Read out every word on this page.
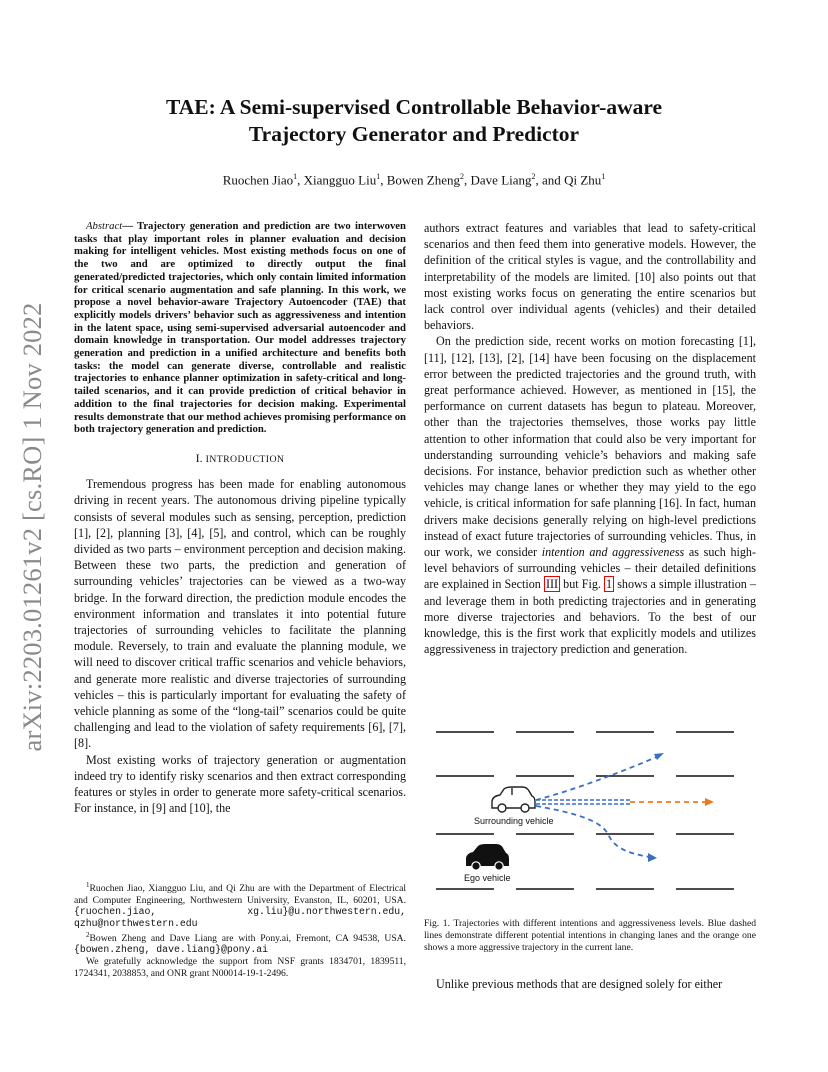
arXiv:2203.01261v2 [cs.RO] 1 Nov 2022
TAE: A Semi-supervised Controllable Behavior-aware
Trajectory Generator and Predictor
Ruochen Jiao$^1$, Xiangguo Liu$^1$, Bowen Zheng$^2$, Dave Liang$^2$, and Qi Zhu$^1$

Abstract— Trajectory generation and prediction are two interwoven tasks that play important roles in planner evaluation and decision making for intelligent vehicles. Most existing methods focus on one of the two and are optimized to directly output the final generated/predicted trajectories, which only contain limited information for critical scenario augmentation and safe planning. In this work, we propose a novel behavior-aware Trajectory Autoencoder (TAE) that explicitly models drivers’ behavior such as aggressiveness and intention in the latent space, using semi-supervised adversarial autoencoder and domain knowledge in transportation. Our model addresses trajectory generation and prediction in a unified architecture and benefits both tasks: the model can generate diverse, controllable and realistic trajectories to enhance planner optimization in safety-critical and long-tailed scenarios, and it can provide prediction of critical behavior in addition to the final trajectories for decision making. Experimental results demonstrate that our method achieves promising performance on both trajectory generation and prediction.

I. INTRODUCTION

Tremendous progress has been made for enabling autonomous driving in recent years. The autonomous driving pipeline typically consists of several modules such as sensing, perception, prediction [1], [2], planning [3], [4], [5], and control, which can be roughly divided as two parts – environment perception and decision making. Between these two parts, the prediction and generation of surrounding vehicles’ trajectories can be viewed as a two-way bridge. In the forward direction, the prediction module encodes the environment information and translates it into potential future trajectories of surrounding vehicles to facilitate the planning module. Reversely, to train and evaluate the planning module, we will need to discover critical traffic scenarios and vehicle behaviors, and generate more realistic and diverse trajectories of surrounding vehicles – this is particularly important for evaluating the safety of vehicle planning as some of the “long-tail” scenarios could be quite challenging and lead to the violation of safety requirements [6], [7], [8].

Most existing works of trajectory generation or augmentation indeed try to identify risky scenarios and then extract corresponding features or styles in order to generate more safety-critical scenarios. For instance, in [9] and [10], the

$^1$Ruochen Jiao, Xiangguo Liu, and Qi Zhu are with the Department of Electrical and Computer Engineering, Northwestern University, Evanston, IL, 60201, USA. {ruochen.jiao, xg.liu}@u.northwestern.edu, qzhu@northwestern.edu

$^2$Bowen Zheng and Dave Liang are with Pony.ai, Fremont, CA 94538, USA. {bowen.zheng, dave.liang}@pony.ai

We gratefully acknowledge the support from NSF grants 1834701, 1839511, 1724341, 2038853, and ONR grant N00014-19-1-2496.

authors extract features and variables that lead to safety-critical scenarios and then feed them into generative models. However, the definition of the critical styles is vague, and the controllability and interpretability of the models are limited. [10] also points out that most existing works focus on generating the entire scenarios but lack control over individual agents (vehicles) and their detailed behaviors.

On the prediction side, recent works on motion forecasting [1], [11], [12], [13], [2], [14] have been focusing on the displacement error between the predicted trajectories and the ground truth, with great performance achieved. However, as mentioned in [15], the performance on current datasets has begun to plateau. Moreover, other than the trajectories themselves, those works pay little attention to other information that could also be very important for understanding surrounding vehicle’s behaviors and making safe decisions. For instance, behavior prediction such as whether other vehicles may change lanes or whether they may yield to the ego vehicle, is critical information for safe planning [16]. In fact, human drivers make decisions generally relying on high-level predictions instead of exact future trajectories of surrounding vehicles. Thus, in our work, we consider intention and aggressiveness as such high-level behaviors of surrounding vehicles – their detailed definitions are explained in Section III but Fig. 1 shows a simple illustration – and leverage them in both predicting trajectories and in generating more diverse trajectories and behaviors. To the best of our knowledge, this is the first work that explicitly models and utilizes aggressiveness in trajectory prediction and generation.

Surrounding vehicle
Ego vehicle
Fig. 1. Trajectories with different intentions and aggressiveness levels. Blue dashed lines demonstrate different potential intentions in changing lanes and the orange one shows a more aggressive trajectory in the current lane.
Unlike previous methods that are designed solely for either
